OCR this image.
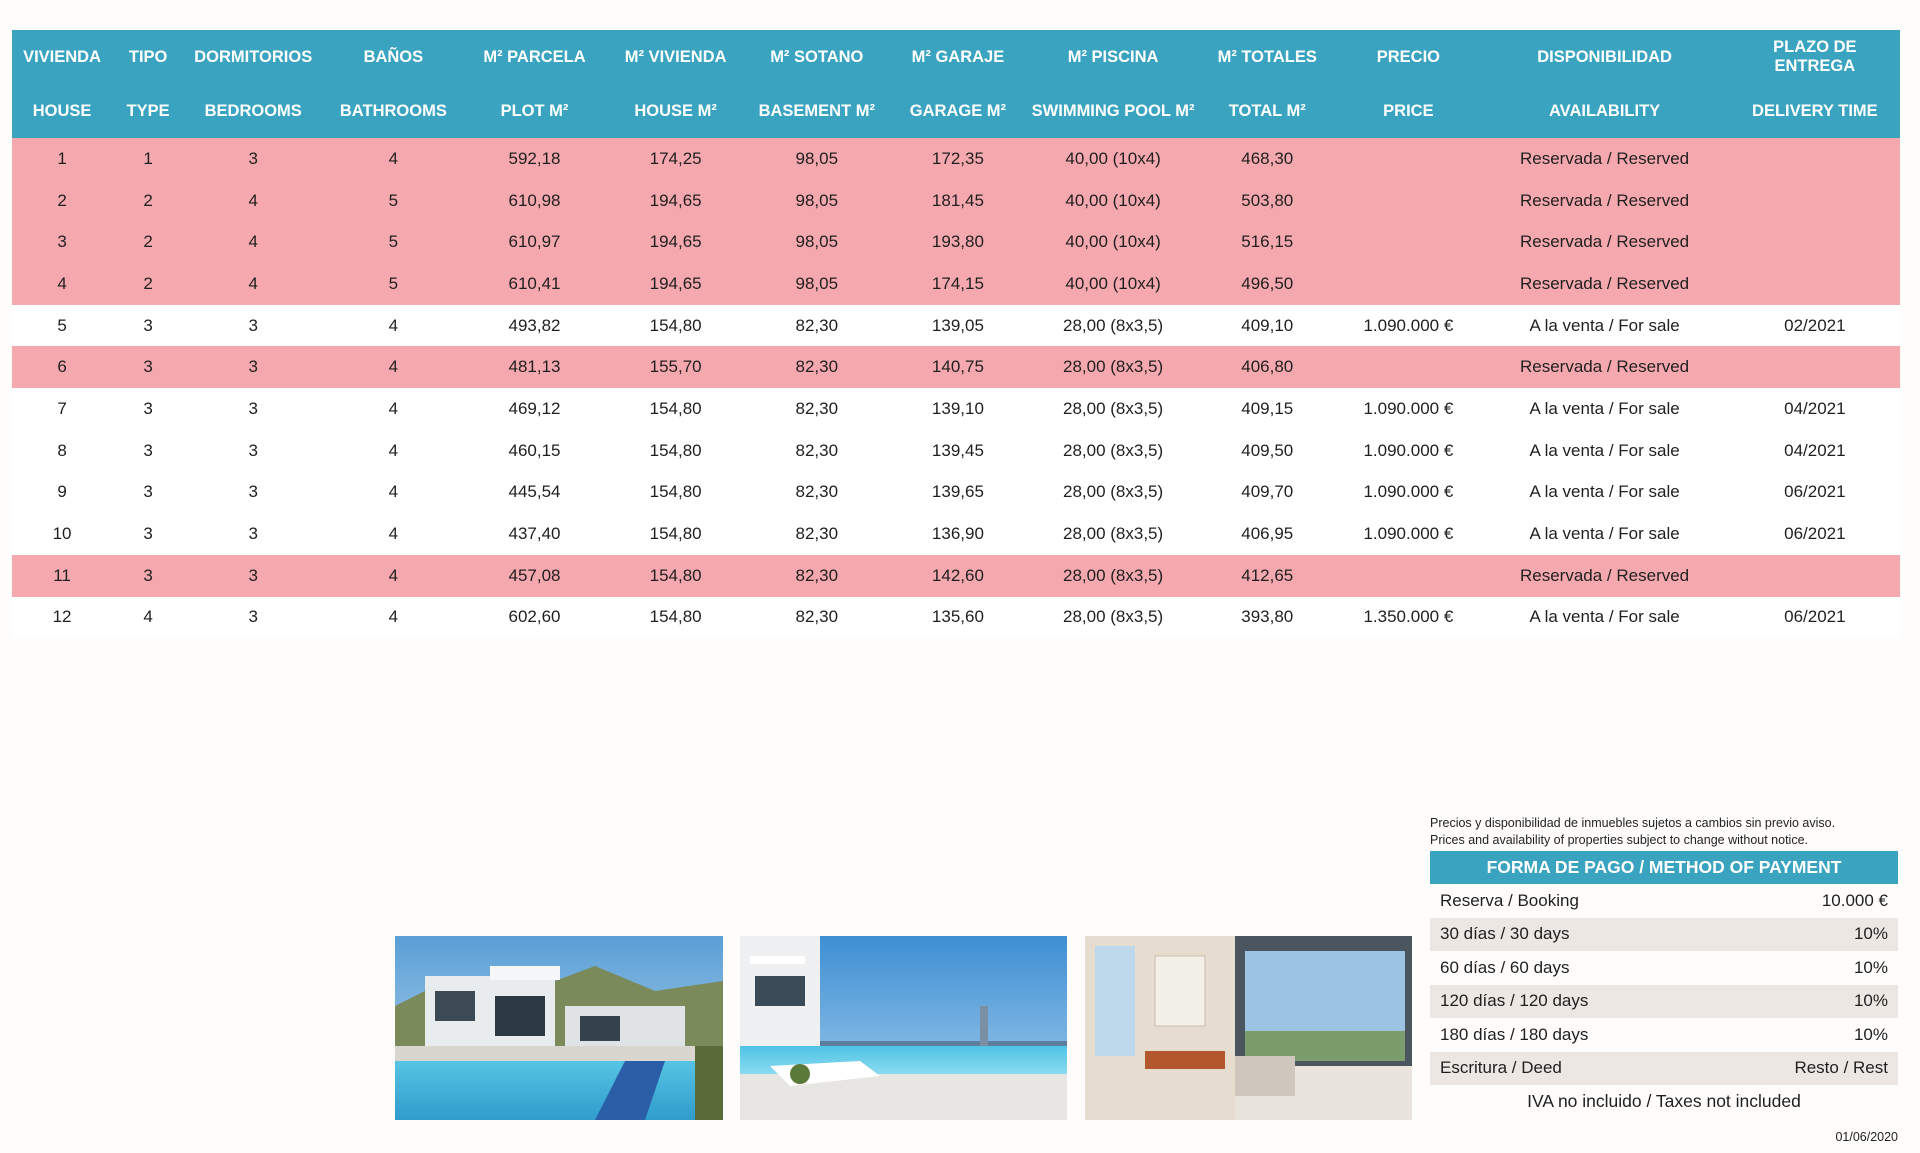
VIVIENDA	TIPO	DORMITORIOS	BAÑOS	M² PARCELA	M² VIVIENDA	M² SOTANO	M² GARAJE	M² PISCINA	M² TOTALES	PRECIO	DISPONIBILIDAD	PLAZO DE ENTREGA
HOUSE	TYPE	BEDROOMS	BATHROOMS	PLOT M²	HOUSE M²	BASEMENT M²	GARAGE M²	SWIMMING POOL M²	TOTAL M²	PRICE	AVAILABILITY	DELIVERY TIME
1	1	3	4	592,18	174,25	98,05	172,35	40,00 (10x4)	468,30		Reservada / Reserved	
2	2	4	5	610,98	194,65	98,05	181,45	40,00 (10x4)	503,80		Reservada / Reserved	
3	2	4	5	610,97	194,65	98,05	193,80	40,00 (10x4)	516,15		Reservada / Reserved	
4	2	4	5	610,41	194,65	98,05	174,15	40,00 (10x4)	496,50		Reservada / Reserved	
5	3	3	4	493,82	154,80	82,30	139,05	28,00 (8x3,5)	409,10	1.090.000 €	A la venta / For sale	02/2021
6	3	3	4	481,13	155,70	82,30	140,75	28,00 (8x3,5)	406,80		Reservada / Reserved	
7	3	3	4	469,12	154,80	82,30	139,10	28,00 (8x3,5)	409,15	1.090.000 €	A la venta / For sale	04/2021
8	3	3	4	460,15	154,80	82,30	139,45	28,00 (8x3,5)	409,50	1.090.000 €	A la venta / For sale	04/2021
9	3	3	4	445,54	154,80	82,30	139,65	28,00 (8x3,5)	409,70	1.090.000 €	A la venta / For sale	06/2021
10	3	3	4	437,40	154,80	82,30	136,90	28,00 (8x3,5)	406,95	1.090.000 €	A la venta / For sale	06/2021
11	3	3	4	457,08	154,80	82,30	142,60	28,00 (8x3,5)	412,65		Reservada / Reserved	
12	4	3	4	602,60	154,80	82,30	135,60	28,00 (8x3,5)	393,80	1.350.000 €	A la venta / For sale	06/2021
Precios y disponibilidad de inmuebles sujetos a cambios sin previo aviso.
Prices and availability of properties subject to change without notice.
FORMA DE PAGO / METHOD OF PAYMENT
Reserva / Booking	10.000 €
30 días / 30 days	10%
60 días / 60 days	10%
120 días / 120 days	10%
180 días / 180 days	10%
Escritura / Deed	Resto / Rest
IVA no incluido / Taxes not included
01/06/2020
